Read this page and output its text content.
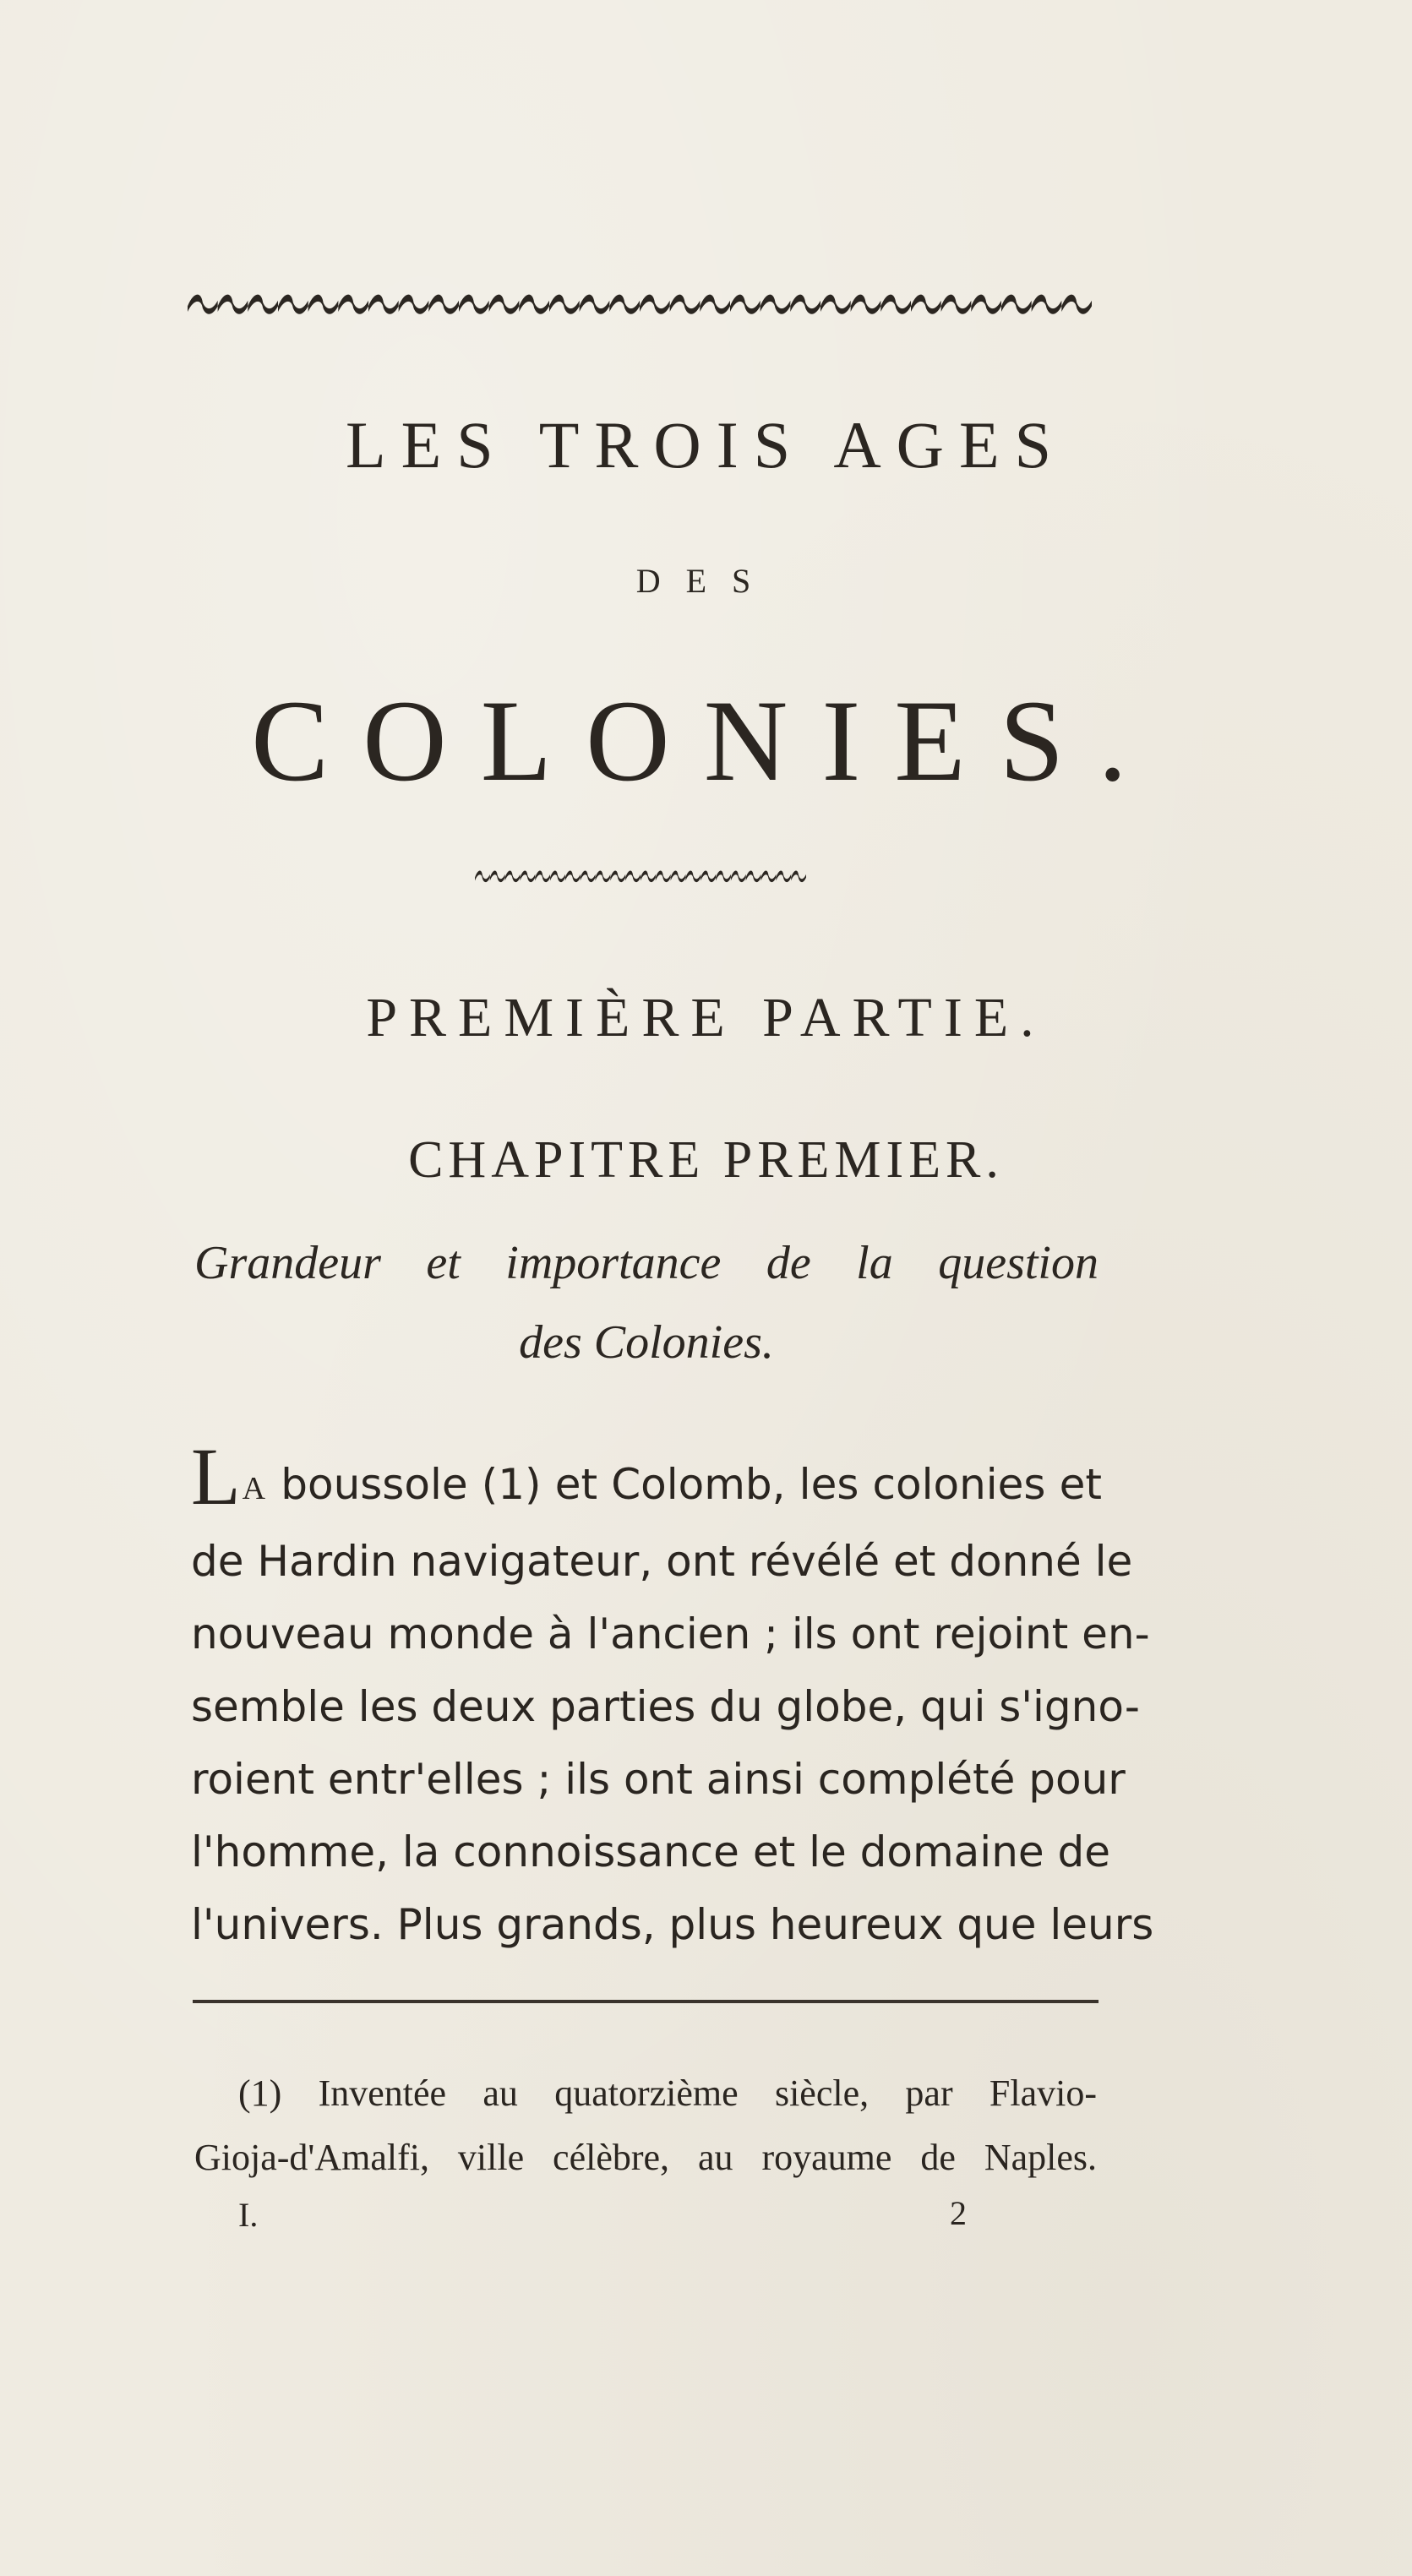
LES TROIS AGES
DES
COLONIES.
PREMIÈRE PARTIE.
CHAPITRE PREMIER.
Grandeur et importance de la question
des Colonies.
LA boussole (1) et Colomb, les colonies et
de Hardin navigateur, ont révélé et donné le
nouveau monde à l'ancien ; ils ont rejoint en-
semble les deux parties du globe, qui s'igno-
roient entr'elles ; ils ont ainsi complété pour
l'homme, la connoissance et le domaine de
l'univers. Plus grands, plus heureux que leurs
(1) Inventée au quatorzième siècle, par Flavio-
Gioja-d'Amalfi, ville célèbre, au royaume de Naples.
I.	2
